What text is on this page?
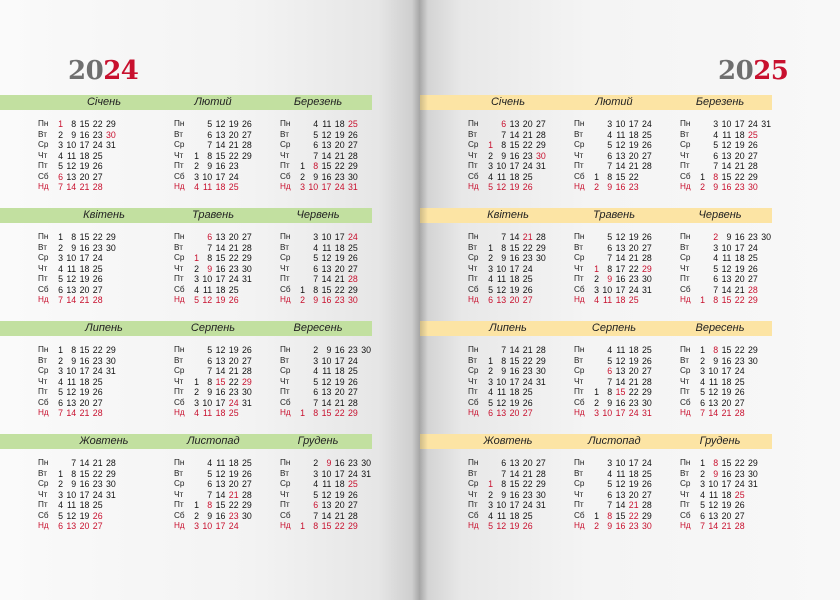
2024
Січень
Пн
Вт
Ср
Чт
Пт
Сб
Нд
1 8 15 22 29
2 9 16 23 30
3 10 17 24 31
4 11 18 25
5 12 19 26
6 13 20 27
7 14 21 28
Лютий
Пн
Вт
Ср
Чт
Пт
Сб
Нд
5 12 19 26
6 13 20 27
7 14 21 28
1 8 15 22 29
2 9 16 23
3 10 17 24
4 11 18 25
Березень
Пн
Вт
Ср
Чт
Пт
Сб
Нд
4 11 18 25
5 12 19 26
6 13 20 27
7 14 21 28
1 8 15 22 29
2 9 16 23 30
3 10 17 24 31
Квітень
Пн
Вт
Ср
Чт
Пт
Сб
Нд
1 8 15 22 29
2 9 16 23 30
3 10 17 24
4 11 18 25
5 12 19 26
6 13 20 27
7 14 21 28
Травень
Пн
Вт
Ср
Чт
Пт
Сб
Нд
6 13 20 27
7 14 21 28
1 8 15 22 29
2 9 16 23 30
3 10 17 24 31
4 11 18 25
5 12 19 26
Червень
Пн
Вт
Ср
Чт
Пт
Сб
Нд
3 10 17 24
4 11 18 25
5 12 19 26
6 13 20 27
7 14 21 28
1 8 15 22 29
2 9 16 23 30
Липень
Пн
Вт
Ср
Чт
Пт
Сб
Нд
1 8 15 22 29
2 9 16 23 30
3 10 17 24 31
4 11 18 25
5 12 19 26
6 13 20 27
7 14 21 28
Серпень
Пн
Вт
Ср
Чт
Пт
Сб
Нд
5 12 19 26
6 13 20 27
7 14 21 28
1 8 15 22 29
2 9 16 23 30
3 10 17 24 31
4 11 18 25
Вересень
Пн
Вт
Ср
Чт
Пт
Сб
Нд
2 9 16 23 30
3 10 17 24
4 11 18 25
5 12 19 26
6 13 20 27
7 14 21 28
1 8 15 22 29
Жовтень
Пн
Вт
Ср
Чт
Пт
Сб
Нд
7 14 21 28
1 8 15 22 29
2 9 16 23 30
3 10 17 24 31
4 11 18 25
5 12 19 26
6 13 20 27
Листопад
Пн
Вт
Ср
Чт
Пт
Сб
Нд
4 11 18 25
5 12 19 26
6 13 20 27
7 14 21 28
1 8 15 22 29
2 9 16 23 30
3 10 17 24
Грудень
Пн
Вт
Ср
Чт
Пт
Сб
Нд
2 9 16 23 30
3 10 17 24 31
4 11 18 25
5 12 19 26
6 13 20 27
7 14 21 28
1 8 15 22 29
2025
Січень
Пн
Вт
Ср
Чт
Пт
Сб
Нд
6 13 20 27
7 14 21 28
1 8 15 22 29
2 9 16 23 30
3 10 17 24 31
4 11 18 25
5 12 19 26
Лютий
Пн
Вт
Ср
Чт
Пт
Сб
Нд
3 10 17 24
4 11 18 25
5 12 19 26
6 13 20 27
7 14 21 28
1 8 15 22
2 9 16 23
Березень
Пн
Вт
Ср
Чт
Пт
Сб
Нд
3 10 17 24 31
4 11 18 25
5 12 19 26
6 13 20 27
7 14 21 28
1 8 15 22 29
2 9 16 23 30
Квітень
Пн
Вт
Ср
Чт
Пт
Сб
Нд
7 14 21 28
1 8 15 22 29
2 9 16 23 30
3 10 17 24
4 11 18 25
5 12 19 26
6 13 20 27
Травень
Пн
Вт
Ср
Чт
Пт
Сб
Нд
5 12 19 26
6 13 20 27
7 14 21 28
1 8 17 22 29
2 9 16 23 30
3 10 17 24 31
4 11 18 25
Червень
Пн
Вт
Ср
Чт
Пт
Сб
Нд
2 9 16 23 30
3 10 17 24
4 11 18 25
5 12 19 26
6 13 20 27
7 14 21 28
1 8 15 22 29
Липень
Пн
Вт
Ср
Чт
Пт
Сб
Нд
7 14 21 28
1 8 15 22 29
2 9 16 23 30
3 10 17 24 31
4 11 18 25
5 12 19 26
6 13 20 27
Серпень
Пн
Вт
Ср
Чт
Пт
Сб
Нд
4 11 18 25
5 12 19 26
6 13 20 27
7 14 21 28
1 8 15 22 29
2 9 16 23 30
3 10 17 24 31
Вересень
Пн
Вт
Ср
Чт
Пт
Сб
Нд
1 8 15 22 29
2 9 16 23 30
3 10 17 24
4 11 18 25
5 12 19 26
6 13 20 27
7 14 21 28
Жовтень
Пн
Вт
Ср
Чт
Пт
Сб
Нд
6 13 20 27
7 14 21 28
1 8 15 22 29
2 9 16 23 30
3 10 17 24 31
4 11 18 25
5 12 19 26
Листопад
Пн
Вт
Ср
Чт
Пт
Сб
Нд
3 10 17 24
4 11 18 25
5 12 19 26
6 13 20 27
7 14 21 28
1 8 15 22 29
2 9 16 23 30
Грудень
Пн
Вт
Ср
Чт
Пт
Сб
Нд
1 8 15 22 29
2 9 16 23 30
3 10 17 24 31
4 11 18 25
5 12 19 26
6 13 20 27
7 14 21 28
